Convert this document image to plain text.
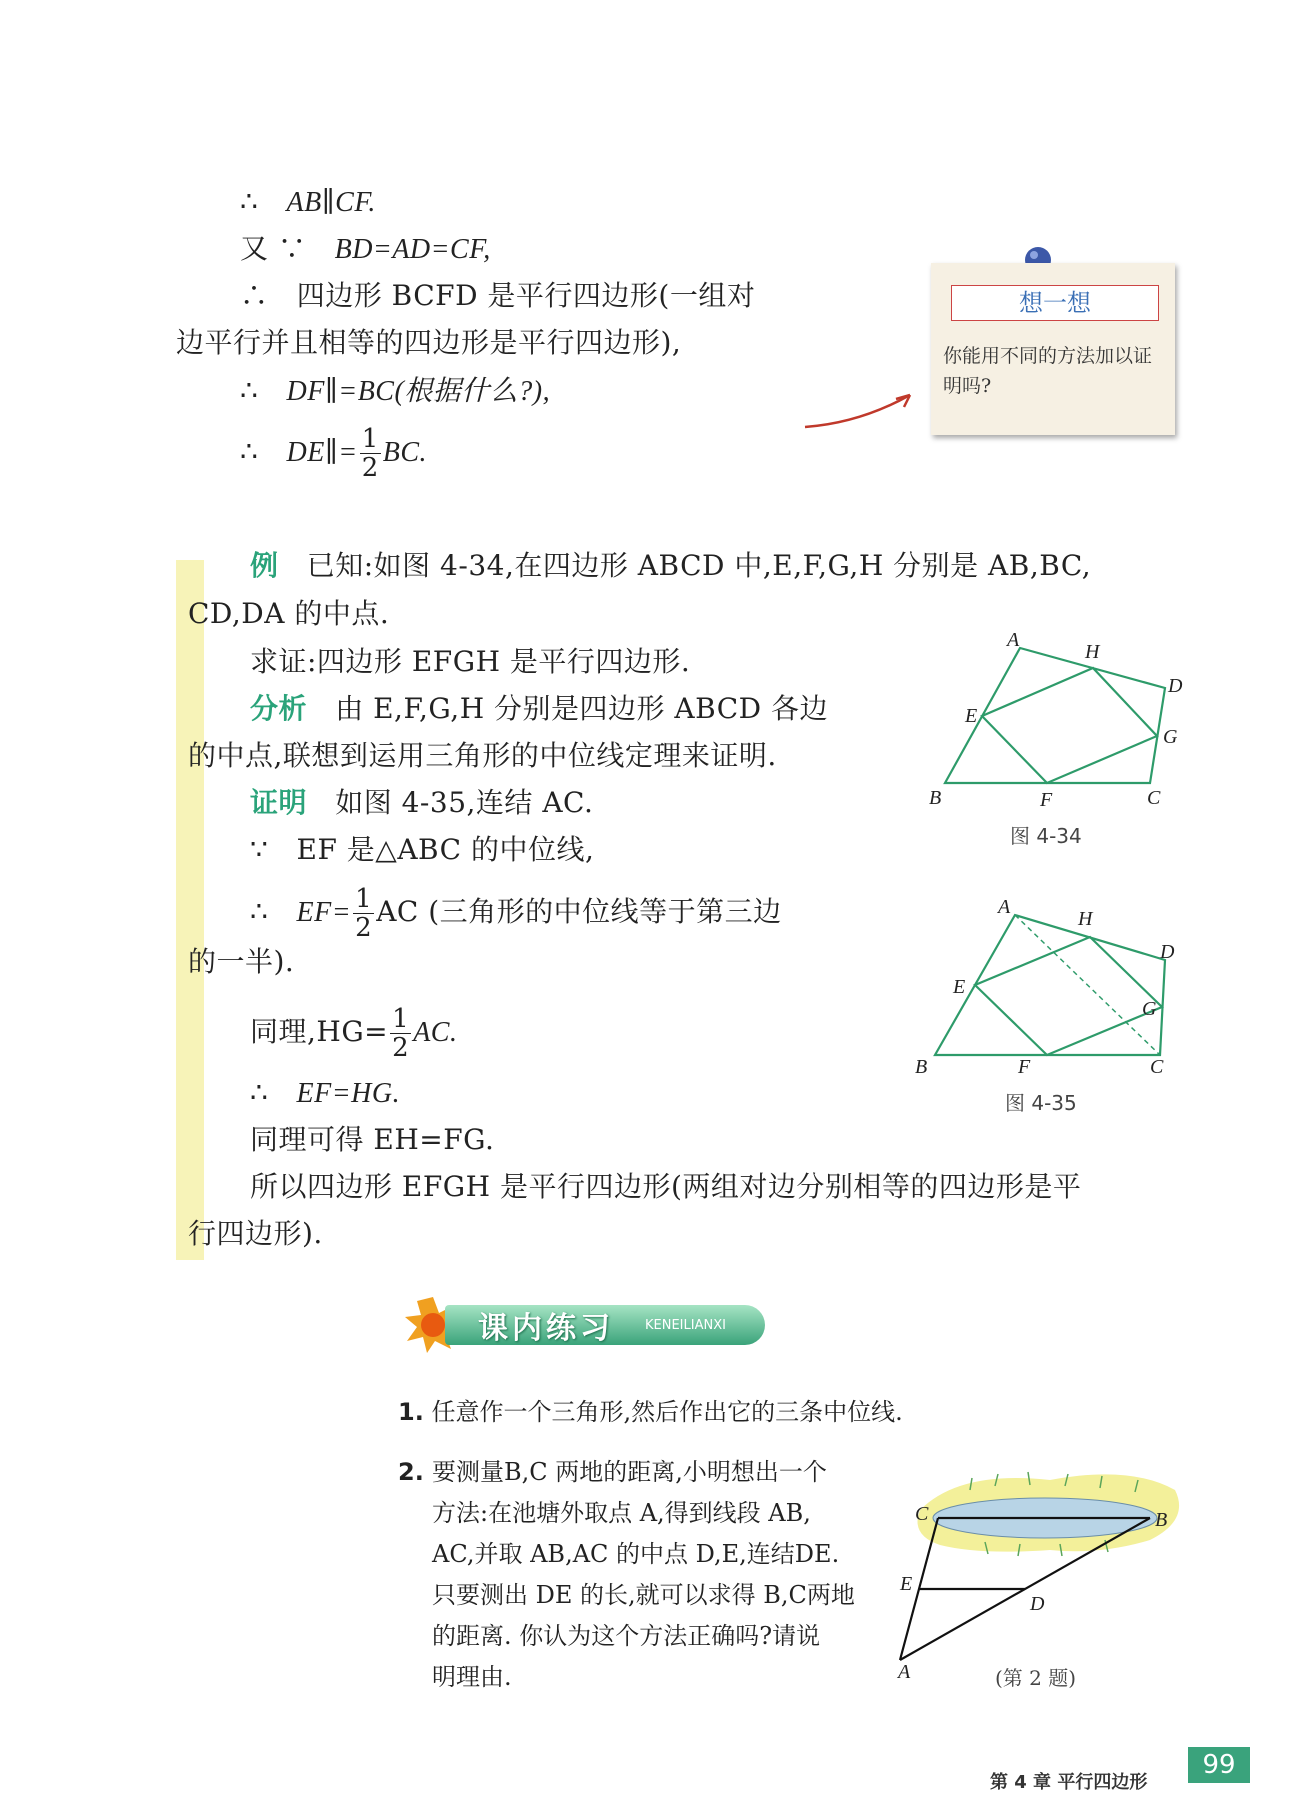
∴ AB∥CF.
又 ∵ BD=AD=CF,
∴ 四边形 BCFD 是平行四边形(一组对
边平行并且相等的四边形是平行四边形),
∴ DF∥=BC(根据什么?),
∴ DE∥= $\frac{1}{2}$ BC.
想一想
你能用不同的方法加以证明吗?
例 已知:如图 4-34,在四边形 ABCD 中,E,F,G,H 分别是 AB,BC,
CD,DA 的中点.
求证:四边形 EFGH 是平行四边形.
分析 由 E,F,G,H 分别是四边形 ABCD 各边
的中点,联想到运用三角形的中位线定理来证明.
证明 如图 4-35,连结 AC.
∵ EF 是△ABC 的中位线,
∴ $EF= \frac{1}{2}$ AC (三角形的中位线等于第三边
的一半).
同理$,HG= \frac{1}{2}$ AC.
∴ EF=HG.
同理可得 EH=FG.
所以四边形 EFGH 是平行四边形(两组对边分别相等的四边形是平
行四边形).
A
H
D
E
G
B	F	C
图 4-34
A
H
D
E
G
B	F	C
图 4-35
课内练习 KENEILIANXI
1. 任意作一个三角形,然后作出它的三条中位线.
2. 要测量B,C 两地的距离,小明想出一个
方法:在池塘外取点 A,得到线段 AB,
AC,并取 AB,AC 的中点 D,E,连结DE.
只要测出 DE 的长,就可以求得 B,C两地
的距离. 你认为这个方法正确吗?请说
明理由.
C	B
E
D
A	(第 2 题)
第 4 章 平行四边形
99
